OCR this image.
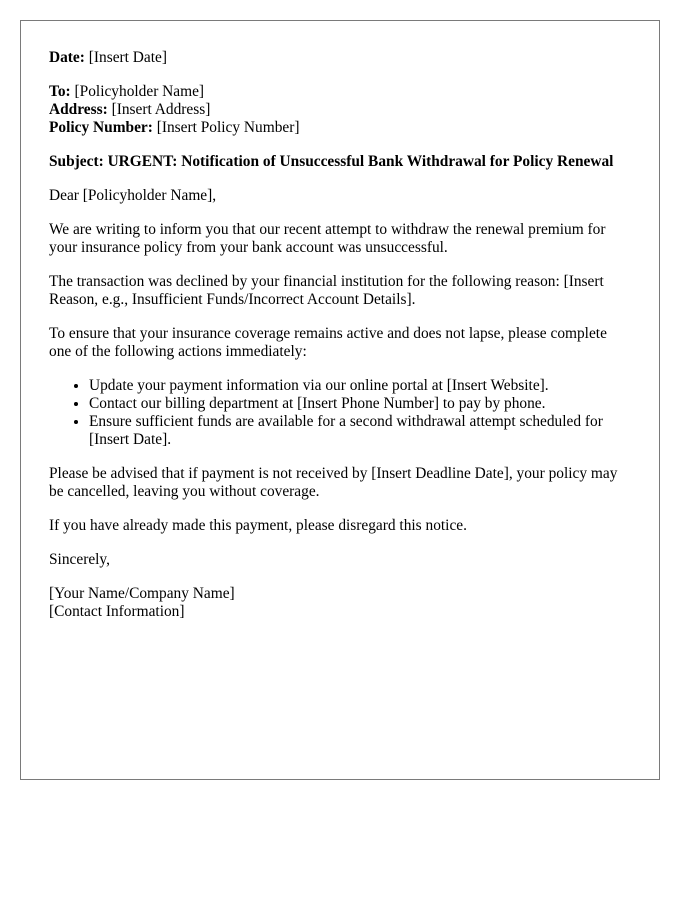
Date: [Insert Date]
To: [Policyholder Name]
Address: [Insert Address]
Policy Number: [Insert Policy Number]
Subject: URGENT: Notification of Unsuccessful Bank Withdrawal for Policy Renewal

Dear [Policyholder Name],

We are writing to inform you that our recent attempt to withdraw the renewal premium for your insurance policy from your bank account was unsuccessful.

The transaction was declined by your financial institution for the following reason: [Insert Reason, e.g., Insufficient Funds/Incorrect Account Details].

To ensure that your insurance coverage remains active and does not lapse, please complete one of the following actions immediately:

• Update your payment information via our online portal at [Insert Website].
• Contact our billing department at [Insert Phone Number] to pay by phone.
• Ensure sufficient funds are available for a second withdrawal attempt scheduled for [Insert Date].

Please be advised that if payment is not received by [Insert Deadline Date], your policy may be cancelled, leaving you without coverage.

If you have already made this payment, please disregard this notice.

Sincerely,

[Your Name/Company Name]
[Contact Information]
